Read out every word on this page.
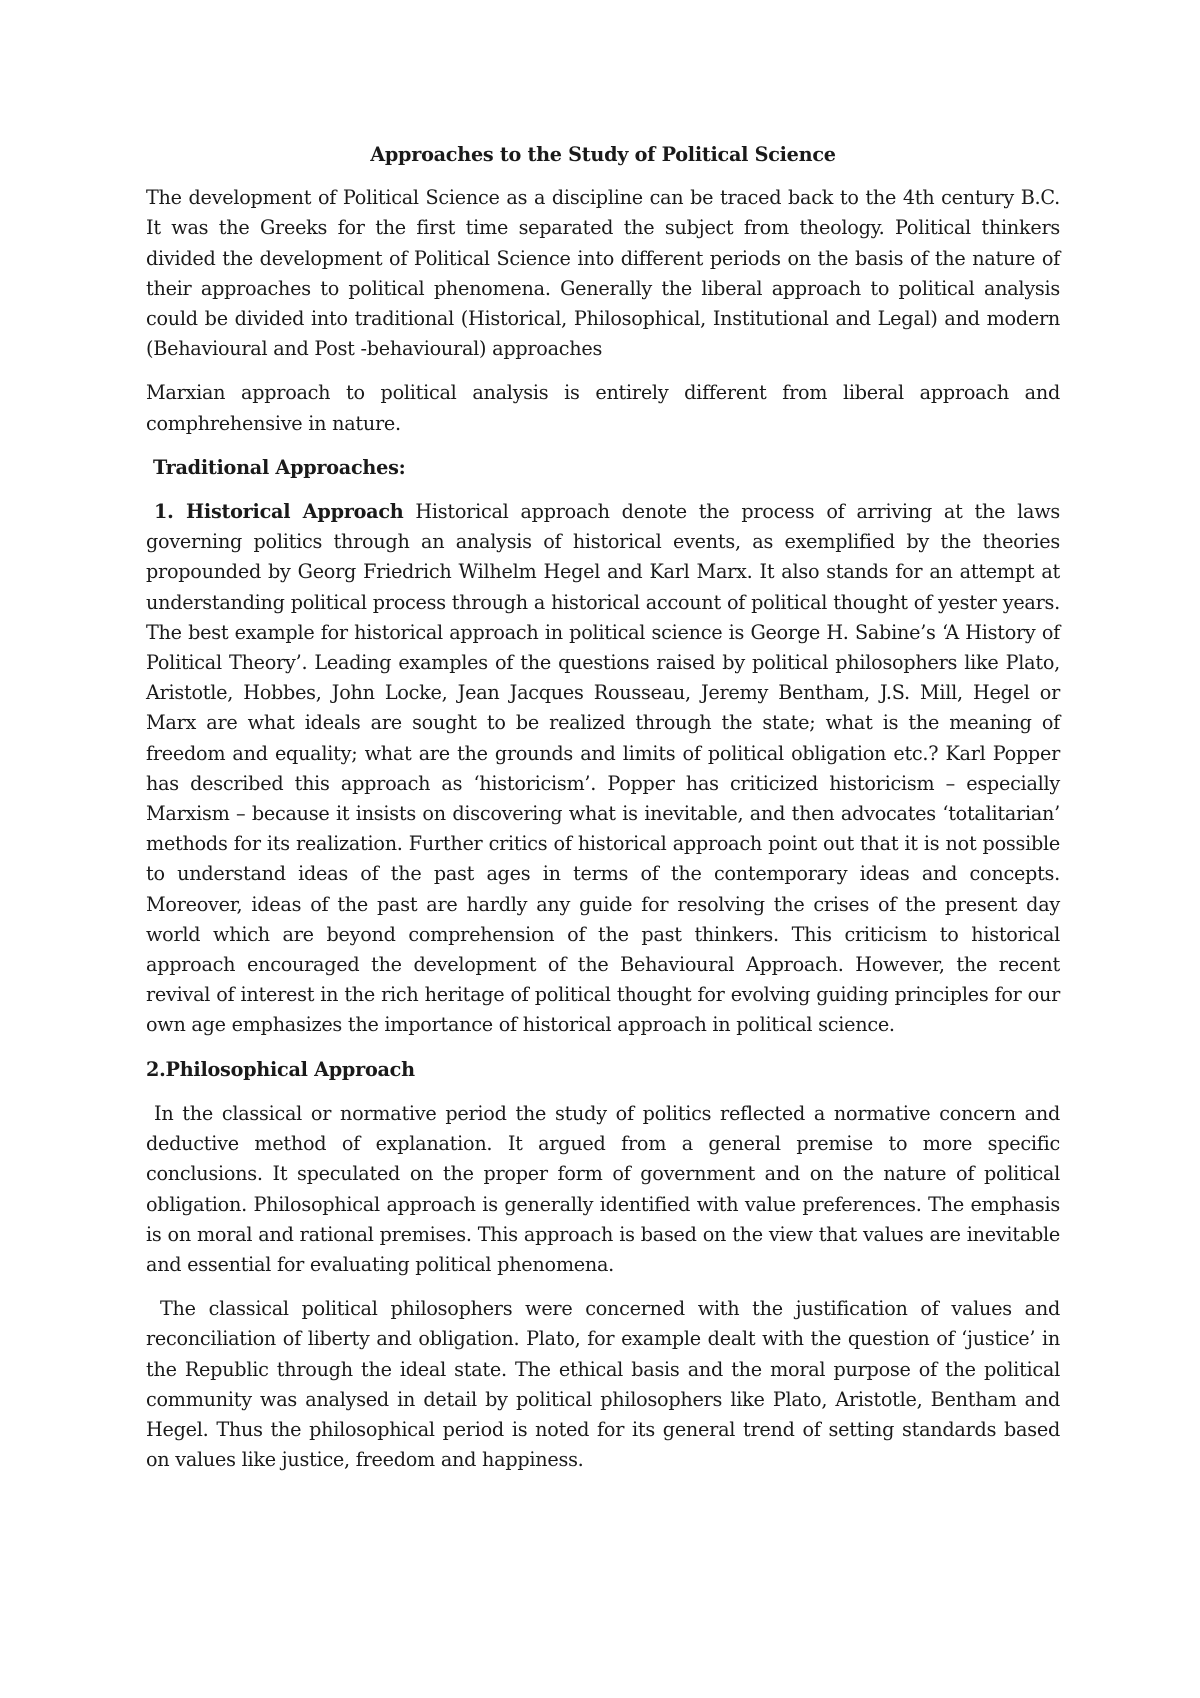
Approaches to the Study of Political Science

The development of Political Science as a discipline can be traced back to the 4th century B.C. It was the Greeks for the first time separated the subject from theology. Political thinkers divided the development of Political Science into different periods on the basis of the nature of their approaches to political phenomena. Generally the liberal approach to political analysis could be divided into traditional (Historical, Philosophical, Institutional and Legal) and modern (Behavioural and Post -behavioural) approaches

Marxian approach to political analysis is entirely different from liberal approach and comphrehensive in nature.

Traditional Approaches:

1. Historical Approach Historical approach denote the process of arriving at the laws governing politics through an analysis of historical events, as exemplified by the theories propounded by Georg Friedrich Wilhelm Hegel and Karl Marx. It also stands for an attempt at understanding political process through a historical account of political thought of yester years. The best example for historical approach in political science is George H. Sabine’s ‘A History of Political Theory’. Leading examples of the questions raised by political philosophers like Plato, Aristotle, Hobbes, John Locke, Jean Jacques Rousseau, Jeremy Bentham, J.S. Mill, Hegel or Marx are what ideals are sought to be realized through the state; what is the meaning of freedom and equality; what are the grounds and limits of political obligation etc.? Karl Popper has described this approach as ‘historicism’. Popper has criticized historicism – especially Marxism – because it insists on discovering what is inevitable, and then advocates ‘totalitarian’ methods for its realization. Further critics of historical approach point out that it is not possible to understand ideas of the past ages in terms of the contemporary ideas and concepts. Moreover, ideas of the past are hardly any guide for resolving the crises of the present day world which are beyond comprehension of the past thinkers. This criticism to historical approach encouraged the development of the Behavioural Approach. However, the recent revival of interest in the rich heritage of political thought for evolving guiding principles for our own age emphasizes the importance of historical approach in political science.

2.Philosophical Approach

In the classical or normative period the study of politics reflected a normative concern and deductive method of explanation. It argued from a general premise to more specific conclusions. It speculated on the proper form of government and on the nature of political obligation. Philosophical approach is generally identified with value preferences. The emphasis is on moral and rational premises. This approach is based on the view that values are inevitable and essential for evaluating political phenomena.

The classical political philosophers were concerned with the justification of values and reconciliation of liberty and obligation. Plato, for example dealt with the question of ‘justice’ in the Republic through the ideal state. The ethical basis and the moral purpose of the political community was analysed in detail by political philosophers like Plato, Aristotle, Bentham and Hegel. Thus the philosophical period is noted for its general trend of setting standards based on values like justice, freedom and happiness.
